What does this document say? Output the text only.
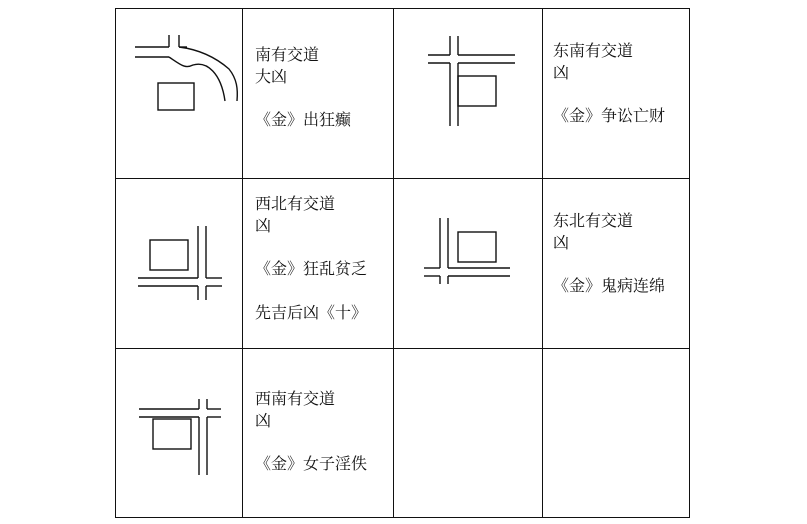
南有交道

大凶

《金》出狂癫

东南有交道

凶

《金》争讼亡财

西北有交道

凶

《金》狂乱贫乏

先吉后凶《十》

东北有交道

凶

《金》鬼病连绵

西南有交道

凶

《金》女子淫佚
